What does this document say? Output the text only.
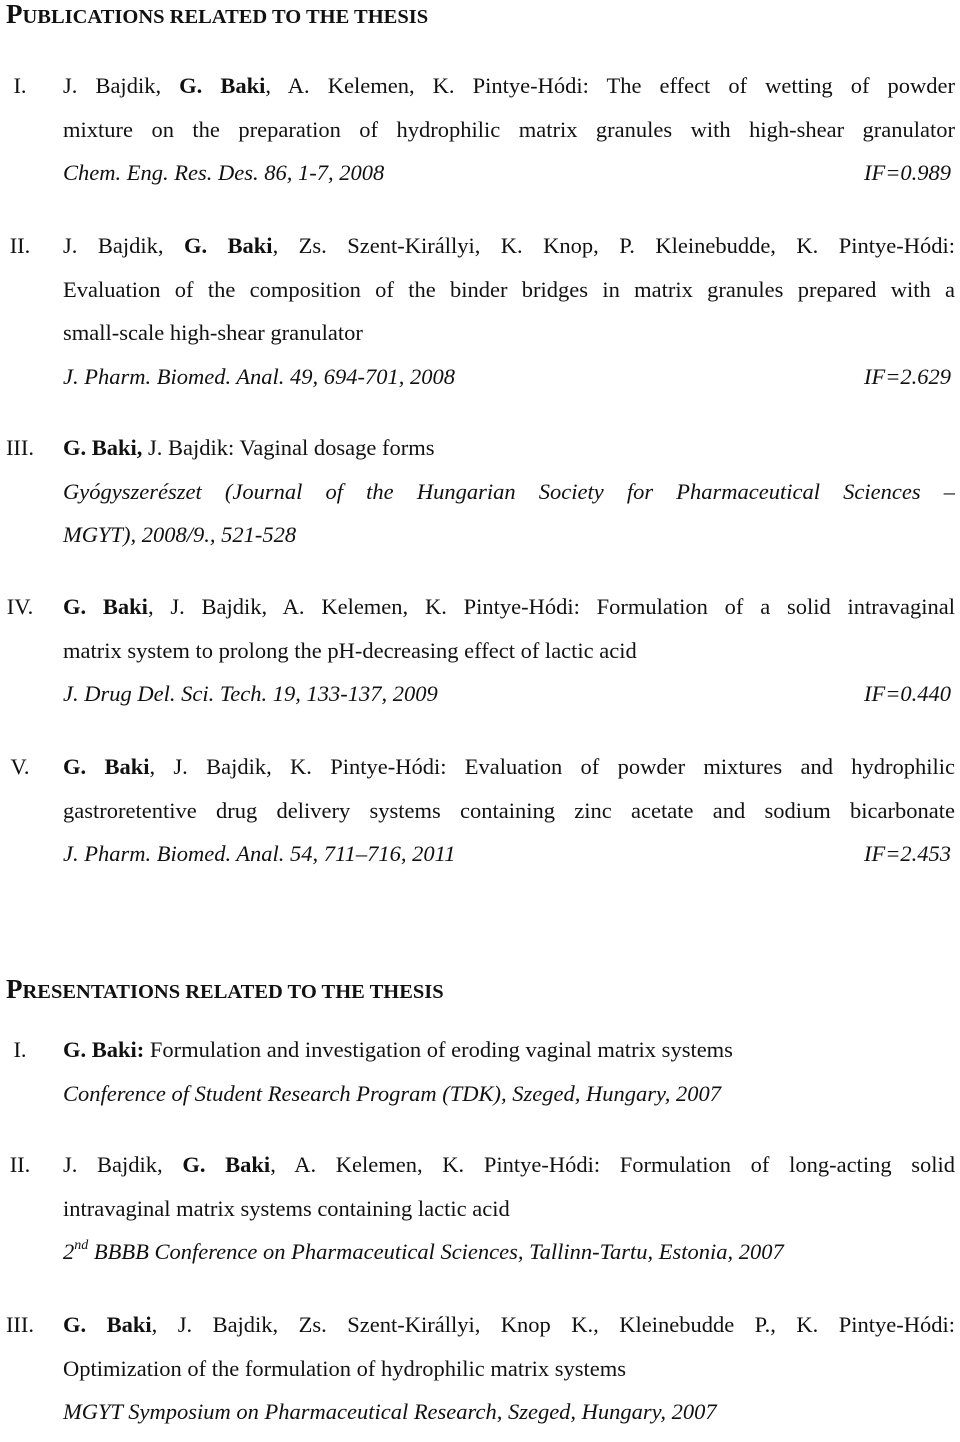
PUBLICATIONS RELATED TO THE THESIS
I.	J. Bajdik, G. Baki, A. Kelemen, K. Pintye-Hódi: The effect of wetting of powder
mixture on the preparation of hydrophilic matrix granules with high-shear granulator
Chem. Eng. Res. Des. 86, 1-7, 2008	IF=0.989
II.	J. Bajdik, G. Baki, Zs. Szent-Királlyi, K. Knop, P. Kleinebudde, K. Pintye-Hódi:
Evaluation of the composition of the binder bridges in matrix granules prepared with a
small-scale high-shear granulator
J. Pharm. Biomed. Anal. 49, 694-701, 2008	IF=2.629
III. G. Baki, J. Bajdik: Vaginal dosage forms
Gyógyszerészet (Journal of the Hungarian Society for Pharmaceutical Sciences –
MGYT), 2008/9., 521-528
IV.	G. Baki, J. Bajdik, A. Kelemen, K. Pintye-Hódi: Formulation of a solid intravaginal
matrix system to prolong the pH-decreasing effect of lactic acid
J. Drug Del. Sci. Tech. 19, 133-137, 2009	IF=0.440
V.	G. Baki, J. Bajdik, K. Pintye-Hódi: Evaluation of powder mixtures and hydrophilic
gastroretentive drug delivery systems containing zinc acetate and sodium bicarbonate
J. Pharm. Biomed. Anal. 54, 711–716, 2011	IF=2.453
PRESENTATIONS RELATED TO THE THESIS
I.	G. Baki: Formulation and investigation of eroding vaginal matrix systems
Conference of Student Research Program (TDK), Szeged, Hungary, 2007
II.	J. Bajdik, G. Baki, A. Kelemen, K. Pintye-Hódi: Formulation of long-acting solid
intravaginal matrix systems containing lactic acid
2nd BBBB Conference on Pharmaceutical Sciences, Tallinn-Tartu, Estonia, 2007
III. G. Baki, J. Bajdik, Zs. Szent-Királlyi, Knop K., Kleinebudde P., K. Pintye-Hódi:
Optimization of the formulation of hydrophilic matrix systems
MGYT Symposium on Pharmaceutical Research, Szeged, Hungary, 2007
